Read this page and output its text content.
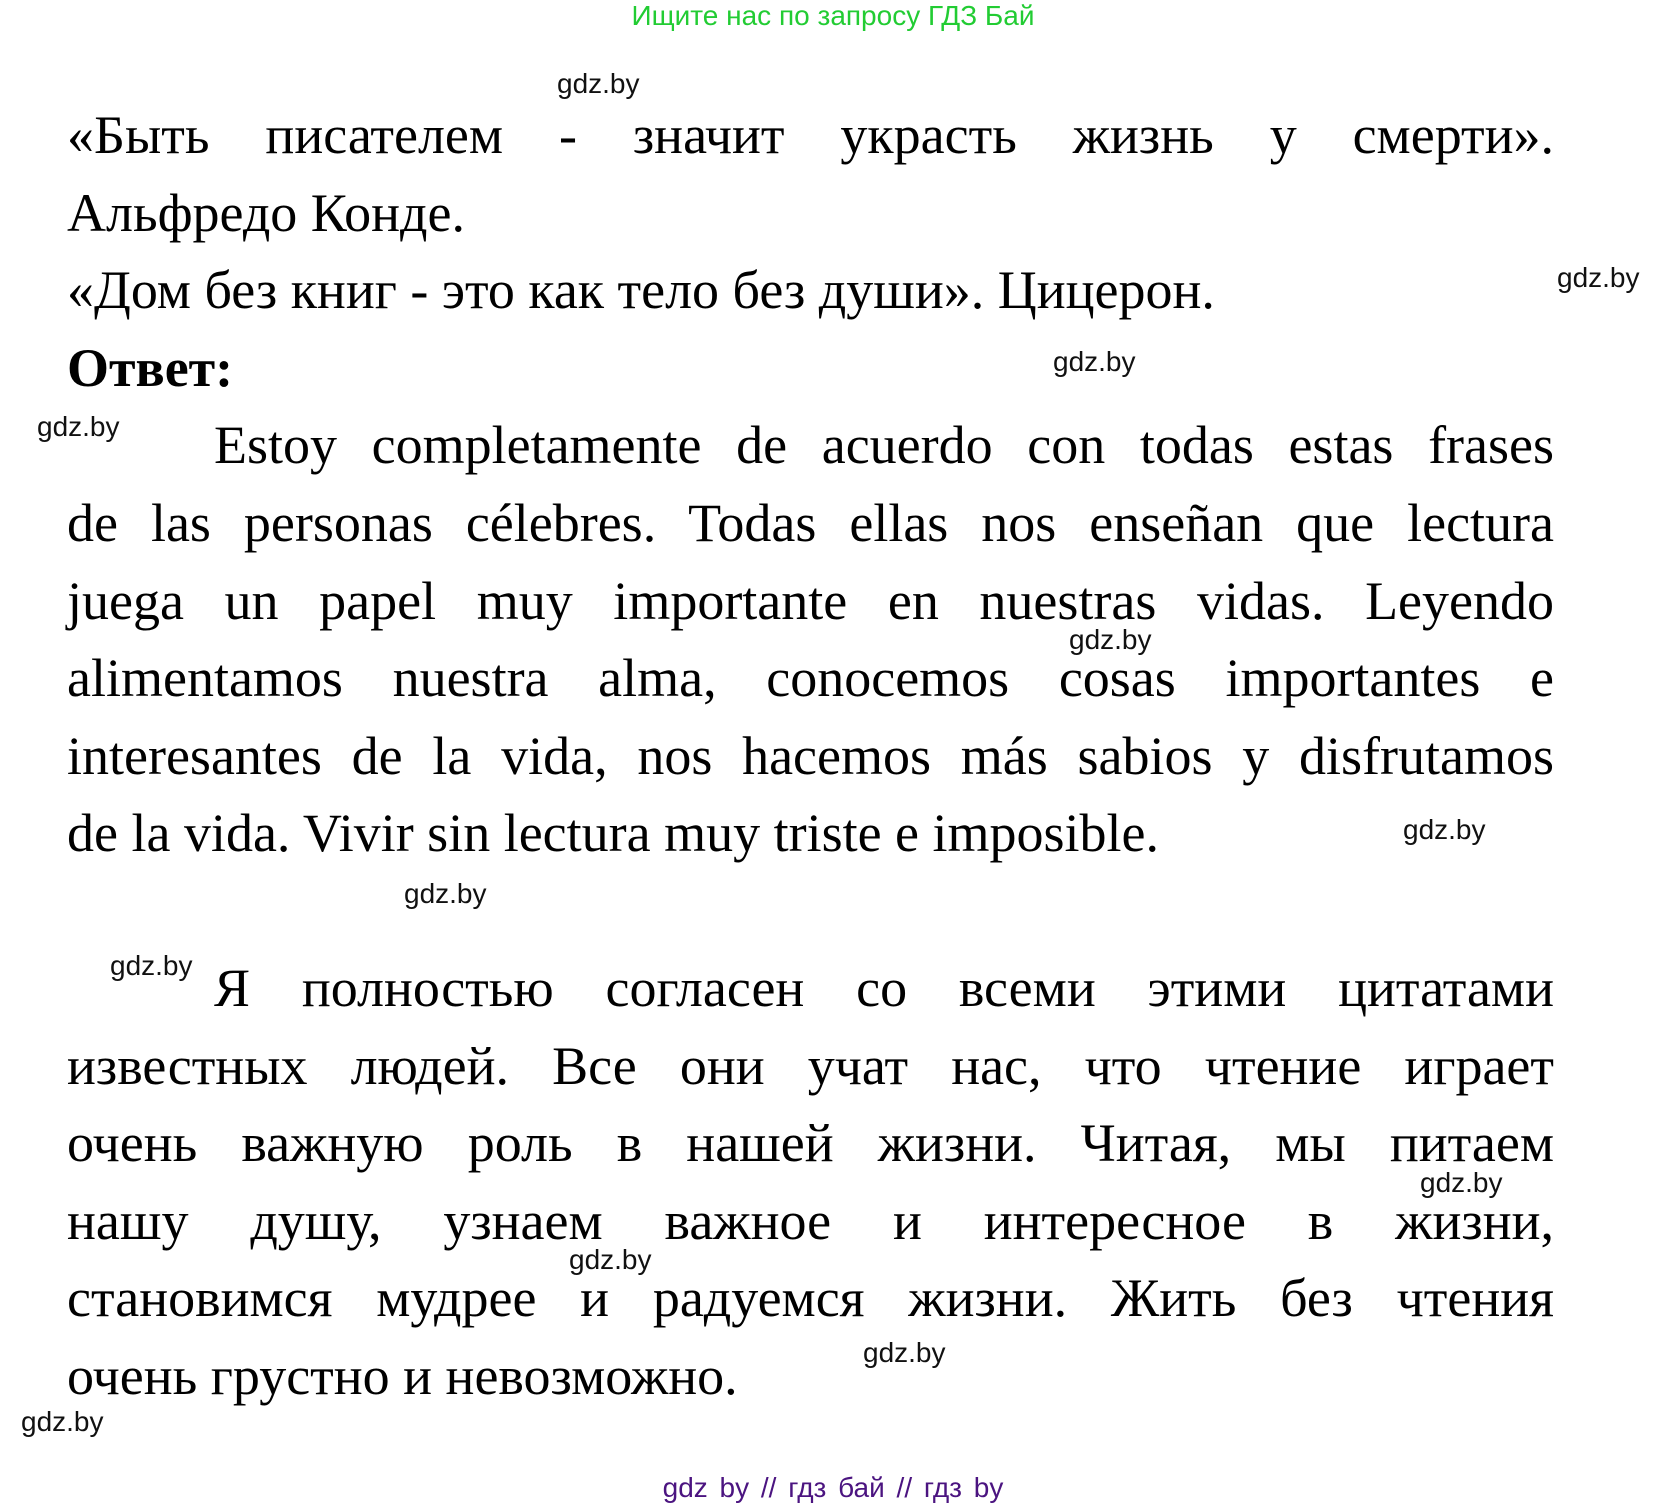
Ищите нас по запросу ГДЗ Бай
«Быть писателем - значит украсть жизнь у смерти».
Альфредо Конде.
«Дом без книг - это как тело без души». Цицерон.
Ответ:
Estoy completamente de acuerdo con todas estas frases
de las personas célebres. Todas ellas nos enseñan que lectura
juega un papel muy importante en nuestras vidas. Leyendo
alimentamos nuestra alma, conocemos cosas importantes e
interesantes de la vida, nos hacemos más sabios y disfrutamos
de la vida. Vivir sin lectura muy triste e imposible.
Я полностью согласен со всеми этими цитатами
известных людей. Все они учат нас, что чтение играет
очень важную роль в нашей жизни. Читая, мы питаем
нашу душу, узнаем важное и интересное в жизни,
становимся мудрее и радуемся жизни. Жить без чтения
очень грустно и невозможно.
gdz.by
gdz.by
gdz.by
gdz.by
gdz.by
gdz.by
gdz.by
gdz.by
gdz.by
gdz.by
gdz.by
gdz.by
gdz by // гдз бай // гдз by
